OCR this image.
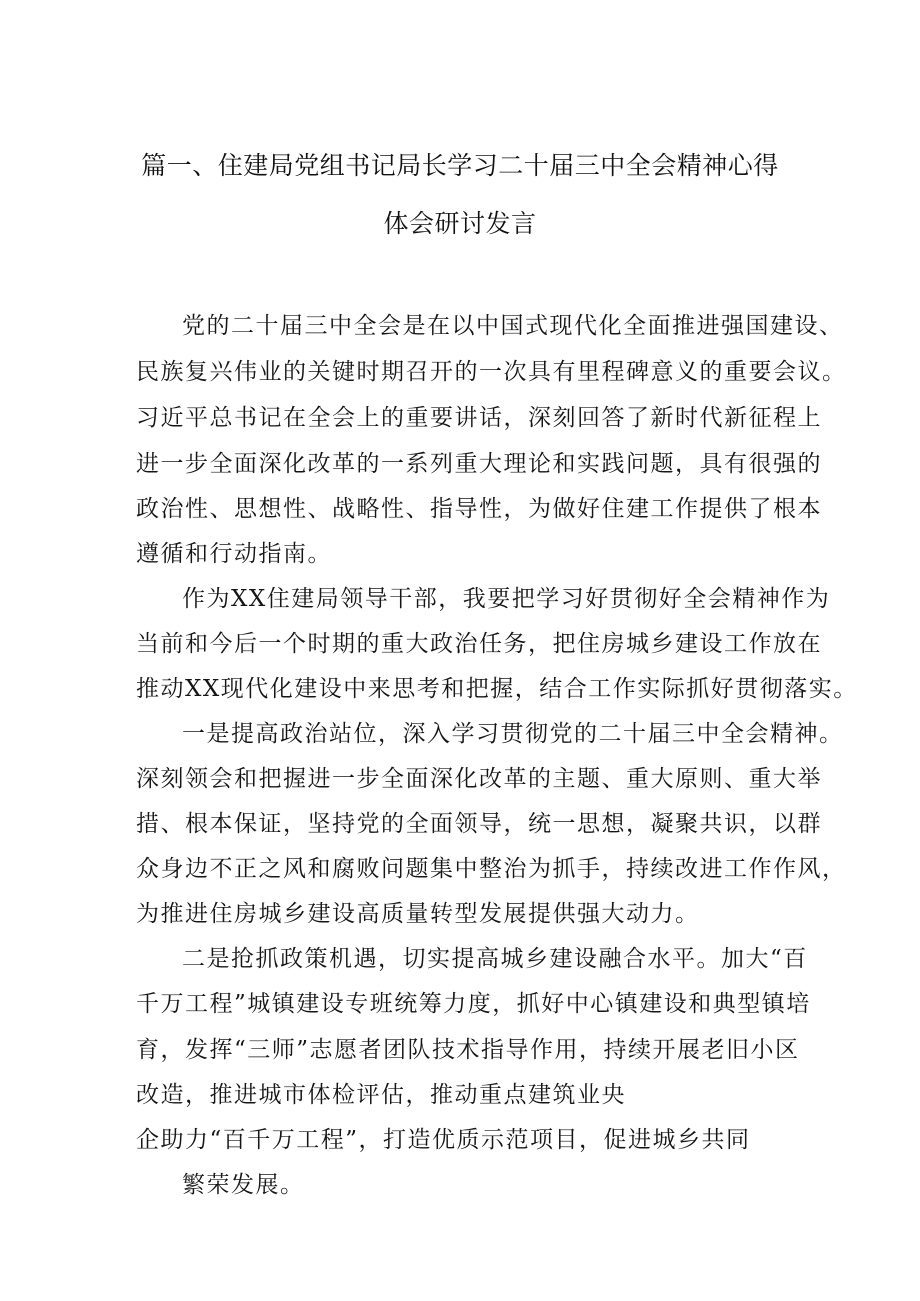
篇一、住建局党组书记局长学习二十届三中全会精神心得
体会研讨发言
党的二十届三中全会是在以中国式现代化全面推进强国建设、
民族复兴伟业的关键时期召开的一次具有里程碑意义的重要会议。
习近平总书记在全会上的重要讲话，深刻回答了新时代新征程上
进一步全面深化改革的一系列重大理论和实践问题，具有很强的
政治性、思想性、战略性、指导性，为做好住建工作提供了根本
遵循和行动指南。
作为XX住建局领导干部，我要把学习好贯彻好全会精神作为
当前和今后一个时期的重大政治任务，把住房城乡建设工作放在
推动XX现代化建设中来思考和把握，结合工作实际抓好贯彻落实。
一是提高政治站位，深入学习贯彻党的二十届三中全会精神。
深刻领会和把握进一步全面深化改革的主题、重大原则、重大举
措、根本保证，坚持党的全面领导，统一思想，凝聚共识，以群
众身边不正之风和腐败问题集中整治为抓手，持续改进工作作风，
为推进住房城乡建设高质量转型发展提供强大动力。
二是抢抓政策机遇，切实提高城乡建设融合水平。加大“百
千万工程”城镇建设专班统筹力度，抓好中心镇建设和典型镇培
育，发挥“三师”志愿者团队技术指导作用，持续开展老旧小区
改造，推进城市体检评估，推动重点建筑业央
企助力“百千万工程”，打造优质示范项目，促进城乡共同
繁荣发展。
